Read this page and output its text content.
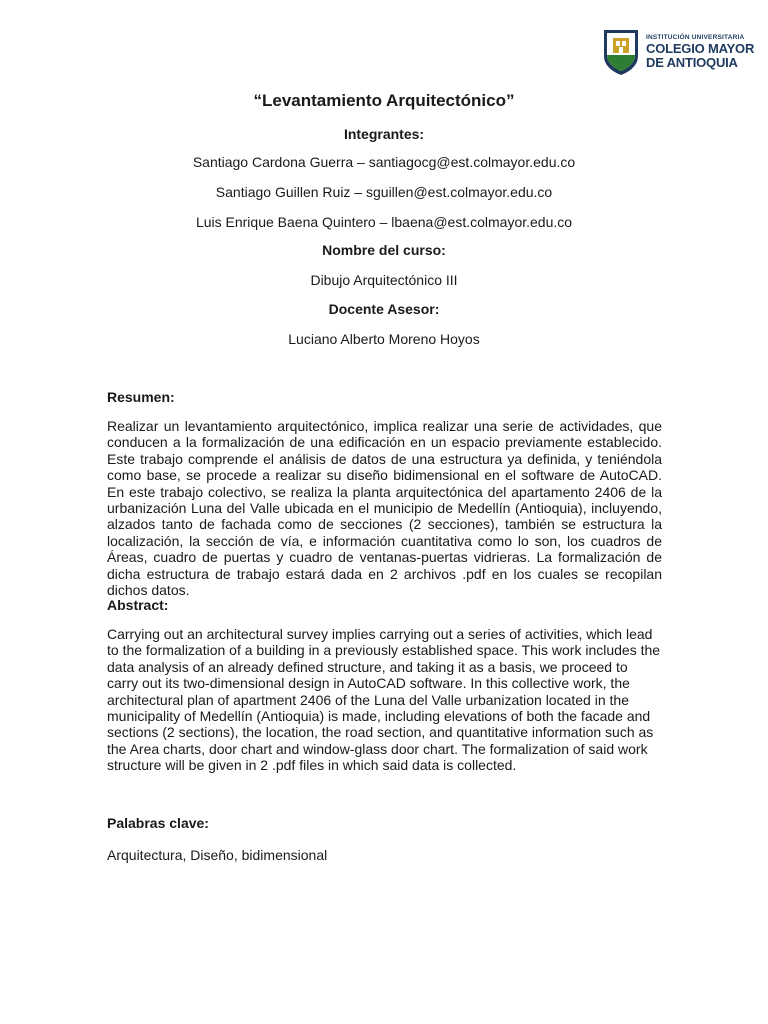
INSTITUCIÓN UNIVERSITARIA
COLEGIO MAYOR
DE ANTIOQUIA
“Levantamiento Arquitectónico”
Integrantes:
Santiago Cardona Guerra – santiagocg@est.colmayor.edu.co
Santiago Guillen Ruiz – sguillen@est.colmayor.edu.co
Luis Enrique Baena Quintero – lbaena@est.colmayor.edu.co
Nombre del curso:
Dibujo Arquitectónico III
Docente Asesor:
Luciano Alberto Moreno Hoyos
Resumen:

Realizar un levantamiento arquitectónico, implica realizar una serie de actividades, que conducen a la formalización de una edificación en un espacio previamente establecido. Este trabajo comprende el análisis de datos de una estructura ya definida, y teniéndola como base, se procede a realizar su diseño bidimensional en el software de AutoCAD. En este trabajo colectivo, se realiza la planta arquitectónica del apartamento 2406 de la urbanización Luna del Valle ubicada en el municipio de Medellín (Antioquia), incluyendo, alzados tanto de fachada como de secciones (2 secciones), también se estructura la localización, la sección de vía, e información cuantitativa como lo son, los cuadros de Áreas, cuadro de puertas y cuadro de ventanas-puertas vidrieras. La formalización de dicha estructura de trabajo estará dada en 2 archivos .pdf en los cuales se recopilan dichos datos.

Abstract:

Carrying out an architectural survey implies carrying out a series of activities, which lead to the formalization of a building in a previously established space. This work includes the data analysis of an already defined structure, and taking it as a basis, we proceed to carry out its two-dimensional design in AutoCAD software. In this collective work, the architectural plan of apartment 2406 of the Luna del Valle urbanization located in the municipality of Medellín (Antioquia) is made, including elevations of both the facade and sections (2 sections), the location, the road section, and quantitative information such as the Area charts, door chart and window-glass door chart. The formalization of said work structure will be given in 2 .pdf files in which said data is collected.

Palabras clave:
Arquitectura, Diseño, bidimensional
